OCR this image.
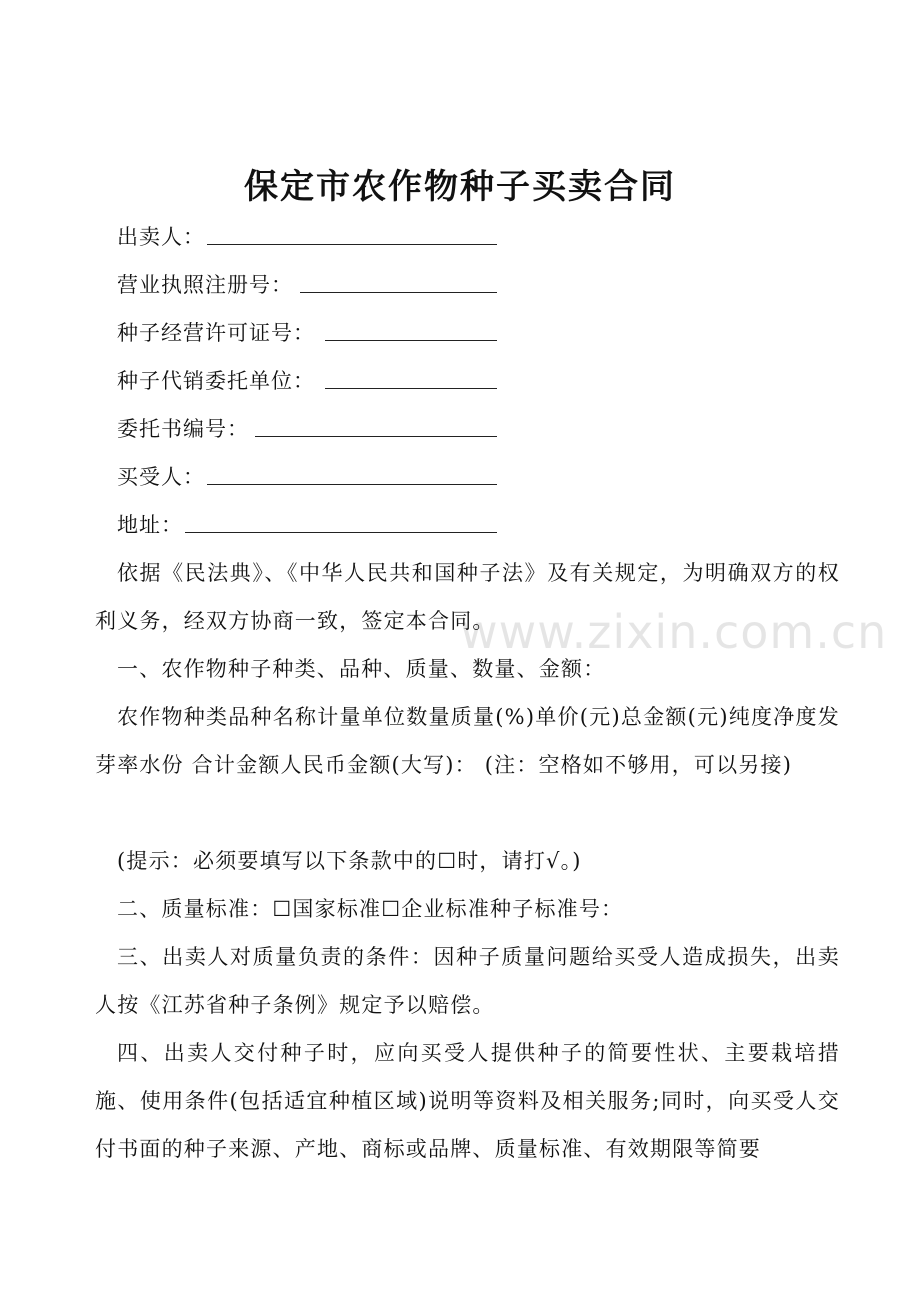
保定市农作物种子买卖合同
出卖人：
营业执照注册号：
种子经营许可证号：
种子代销委托单位：
委托书编号：
买受人：
地址：
依据《民法典》、《中华人民共和国种子法》及有关规定，为明确双方的权利义务，经双方协商一致，签定本合同。
一、农作物种子种类、品种、质量、数量、金额：
农作物种类品种名称计量单位数量质量(%)单价(元)总金额(元)纯度净度发芽率水份 合计金额人民币金额(大写)： (注：空格如不够用，可以另接)
(提示：必须要填写以下条款中的☐时，请打√。)
二、质量标准：☐国家标准☐企业标准种子标准号：
三、出卖人对质量负责的条件：因种子质量问题给买受人造成损失，出卖人按《江苏省种子条例》规定予以赔偿。
四、出卖人交付种子时，应向买受人提供种子的简要性状、主要栽培措施、使用条件(包括适宜种植区域)说明等资料及相关服务;同时，向买受人交付书面的种子来源、产地、商标或品牌、质量标准、有效期限等简要
www.zixin.com.cn
